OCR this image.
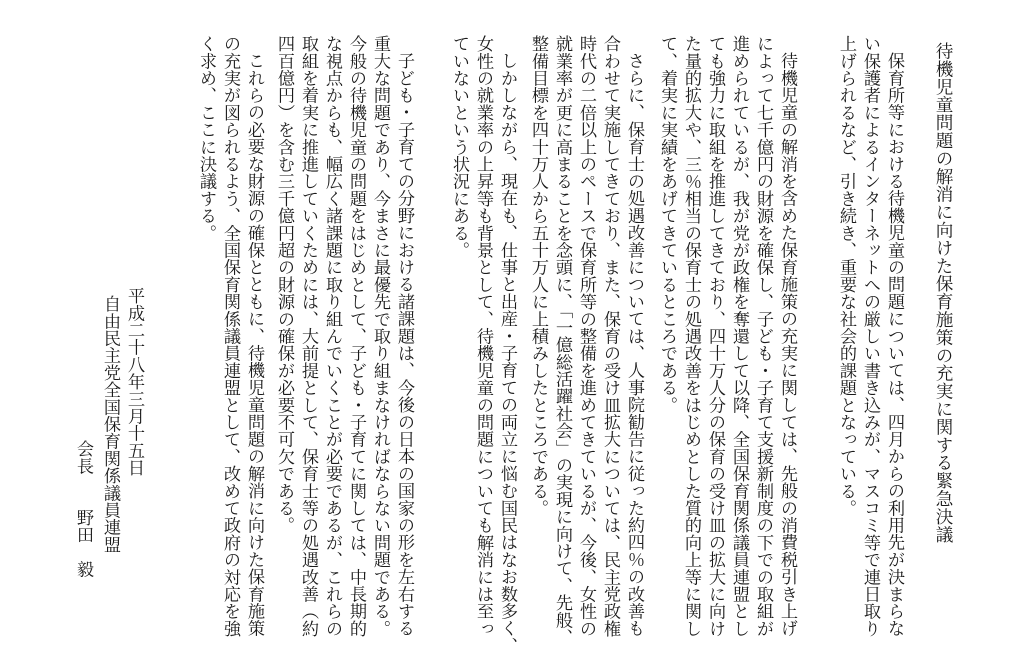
待機児童問題の解消に向けた保育施策の充実に関する緊急決議
保育所等における待機児童の問題については、四月からの利用先が決まらな
い保護者によるインターネットへの厳しい書き込みが、マスコミ等で連日取り
上げられるなど、引き続き、重要な社会的課題となっている。
待機児童の解消を含めた保育施策の充実に関しては、先般の消費税引き上げ
によって七千億円の財源を確保し、子ども・子育て支援新制度の下での取組が
進められているが、我が党が政権を奪還して以降、全国保育関係議員連盟とし
ても強力に取組を推進してきており、四十万人分の保育の受け皿の拡大に向け
た量的拡大や、三％相当の保育士の処遇改善をはじめとした質的向上等に関し
て、着実に実績をあげてきているところである。
さらに、保育士の処遇改善については、人事院勧告に従った約四％の改善も
合わせて実施してきており、また、保育の受け皿拡大については、民主党政権
時代の二倍以上のペースで保育所等の整備を進めてきているが、今後、女性の
就業率が更に高まることを念頭に、「一億総活躍社会」の実現に向けて、先般、
整備目標を四十万人から五十万人に上積みしたところである。
しかしながら、現在も、仕事と出産・子育ての両立に悩む国民はなお数多く、
女性の就業率の上昇等も背景として、待機児童の問題についても解消には至っ
ていないという状況にある。
子ども・子育ての分野における諸課題は、今後の日本の国家の形を左右する
重大な問題であり、今まさに最優先で取り組まなければならない問題である。
今般の待機児童の問題をはじめとして、子ども・子育てに関しては、中長期的
な視点からも、幅広く諸課題に取り組んでいくことが必要であるが、これらの
取組を着実に推進していくためには、大前提として、保育士等の処遇改善（約
四百億円）を含む三千億円超の財源の確保が必要不可欠である。
これらの必要な財源の確保とともに、待機児童問題の解消に向けた保育施策
の充実が図られるよう、全国保育関係議員連盟として、改めて政府の対応を強
く求め、ここに決議する。
平成二十八年三月十五日
自由民主党全国保育関係議員連盟
会長　　野田　毅
